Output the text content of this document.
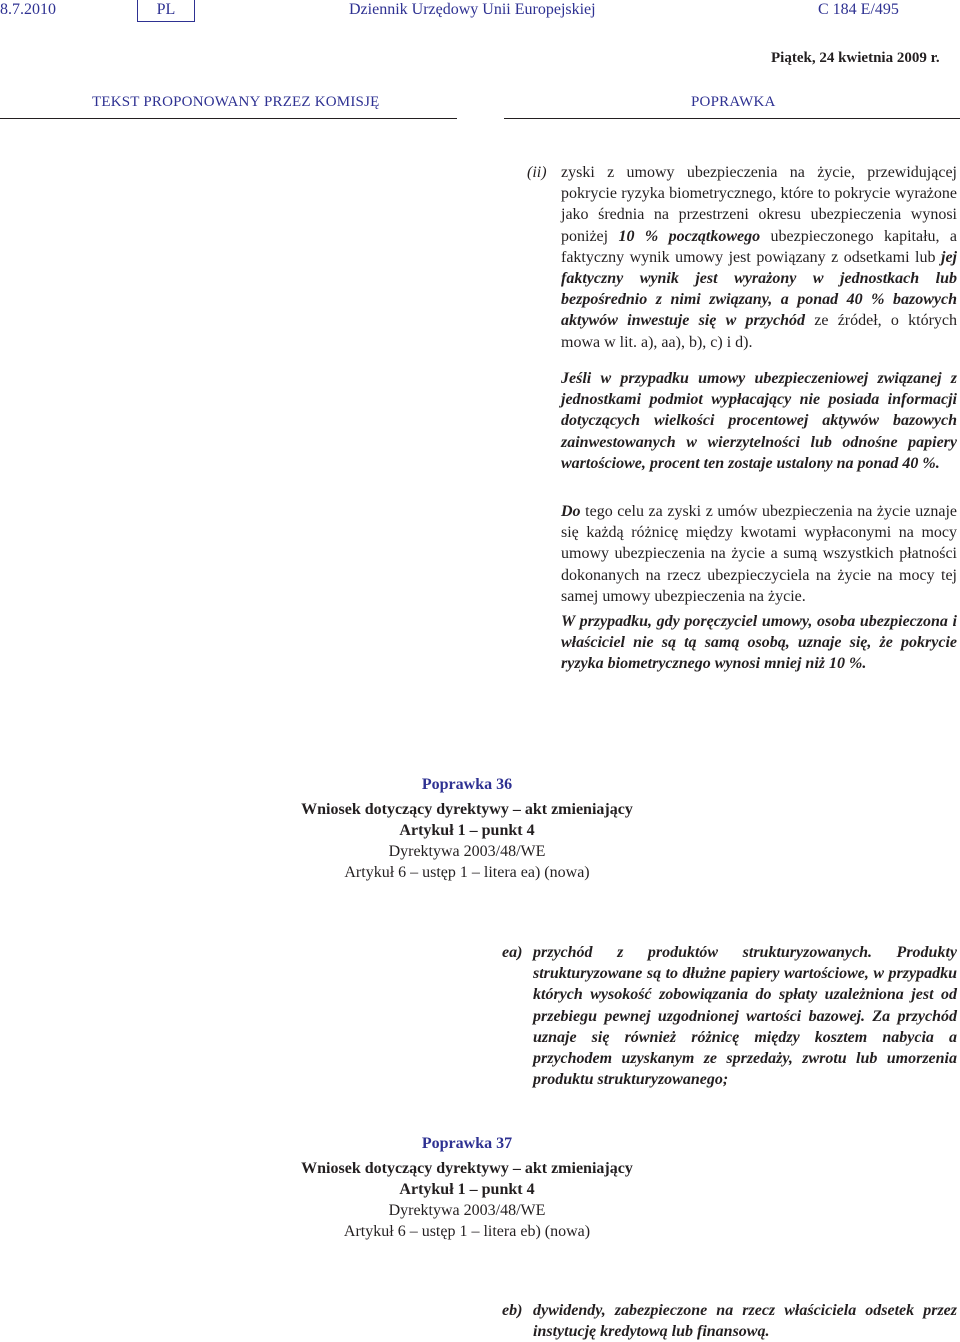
8.7.2010	PL	Dziennik Urzędowy Unii Europejskiej	C 184 E/495
Piątek, 24 kwietnia 2009 r.
TEKST PROPONOWANY PRZEZ KOMISJĘ	POPRAWKA
(ii) zyski z umowy ubezpieczenia na życie, przewidującej pokrycie ryzyka biometrycznego, które to pokrycie wyrażone jako średnia na przestrzeni okresu ubezpieczenia wynosi poniżej 10 % początkowego ubezpieczonego kapitału, a faktyczny wynik umowy jest powiązany z odsetkami lub jej faktyczny wynik jest wyrażony w jednostkach lub bezpośrednio z nimi związany, a ponad 40 % bazowych aktywów inwestuje się w przychód ze źródeł, o których mowa w lit. a), aa), b), c) i d).
Jeśli w przypadku umowy ubezpieczeniowej związanej z jednostkami podmiot wypłacający nie posiada informacji dotyczących wielkości procentowej aktywów bazowych zainwestowanych w wierzytelności lub odnośne papiery wartościowe, procent ten zostaje ustalony na ponad 40 %.
Do tego celu za zyski z umów ubezpieczenia na życie uznaje się każdą różnicę między kwotami wypłaconymi na mocy umowy ubezpieczenia na życie a sumą wszystkich płatności dokonanych na rzecz ubezpieczyciela na życie na mocy tej samej umowy ubezpieczenia na życie.
W przypadku, gdy poręczyciel umowy, osoba ubezpieczona i właściciel nie są tą samą osobą, uznaje się, że pokrycie ryzyka biometrycznego wynosi mniej niż 10 %.
Poprawka 36
Wniosek dotyczący dyrektywy – akt zmieniający
Artykuł 1 – punkt 4
Dyrektywa 2003/48/WE
Artykuł 6 – ustęp 1 – litera ea) (nowa)
ea) przychód z produktów strukturyzowanych. Produkty strukturyzowane są to dłużne papiery wartościowe, w przypadku których wysokość zobowiązania do spłaty uzależniona jest od przebiegu pewnej uzgodnionej wartości bazowej. Za przychód uznaje się również różnicę między kosztem nabycia a przychodem uzyskanym ze sprzedaży, zwrotu lub umorzenia produktu strukturyzowanego;
Poprawka 37
Wniosek dotyczący dyrektywy – akt zmieniający
Artykuł 1 – punkt 4
Dyrektywa 2003/48/WE
Artykuł 6 – ustęp 1 – litera eb) (nowa)
eb) dywidendy, zabezpieczone na rzecz właściciela odsetek przez instytucję kredytową lub finansową.
